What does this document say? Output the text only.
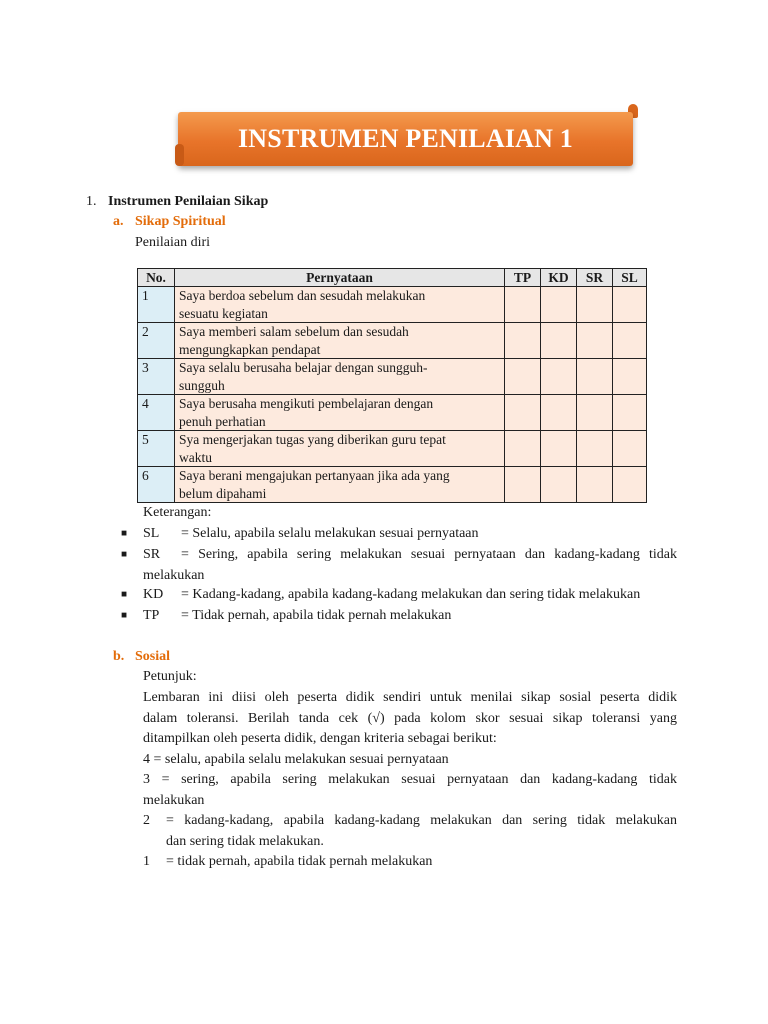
INSTRUMEN PENILAIAN 1
1. Instrumen Penilaian Sikap
a. Sikap Spiritual
Penilaian diri
No.	Pernyataan	TP	KD	SR	SL
1	Saya berdoa sebelum dan sesudah melakukan
sesuatu kegiatan				
2	Saya memberi salam sebelum dan sesudah
mengungkapkan pendapat				
3	Saya selalu berusaha belajar dengan sungguh-
sungguh				
4	Saya berusaha mengikuti pembelajaran dengan
penuh perhatian				
5	Sya mengerjakan tugas yang diberikan guru tepat
waktu				
6	Saya berani mengajukan pertanyaan jika ada yang
belum dipahami				
Keterangan:
■ SL = Selalu, apabila selalu melakukan sesuai pernyataan
■ SR = Sering, apabila sering melakukan sesuai pernyataan dan kadang-kadang tidak
melakukan
■ KD = Kadang-kadang, apabila kadang-kadang melakukan dan sering tidak melakukan
■ TP = Tidak pernah, apabila tidak pernah melakukan
b. Sosial
Petunjuk:
Lembaran ini diisi oleh peserta didik sendiri untuk menilai sikap sosial peserta didik
dalam toleransi. Berilah tanda cek (√) pada kolom skor sesuai sikap toleransi yang
ditampilkan oleh peserta didik, dengan kriteria sebagai berikut:
4 = selalu, apabila selalu melakukan sesuai pernyataan
3 = sering, apabila sering melakukan sesuai pernyataan dan kadang-kadang tidak
melakukan
2 = kadang-kadang, apabila kadang-kadang melakukan dan sering tidak melakukan
dan sering tidak melakukan.
1 = tidak pernah, apabila tidak pernah melakukan
